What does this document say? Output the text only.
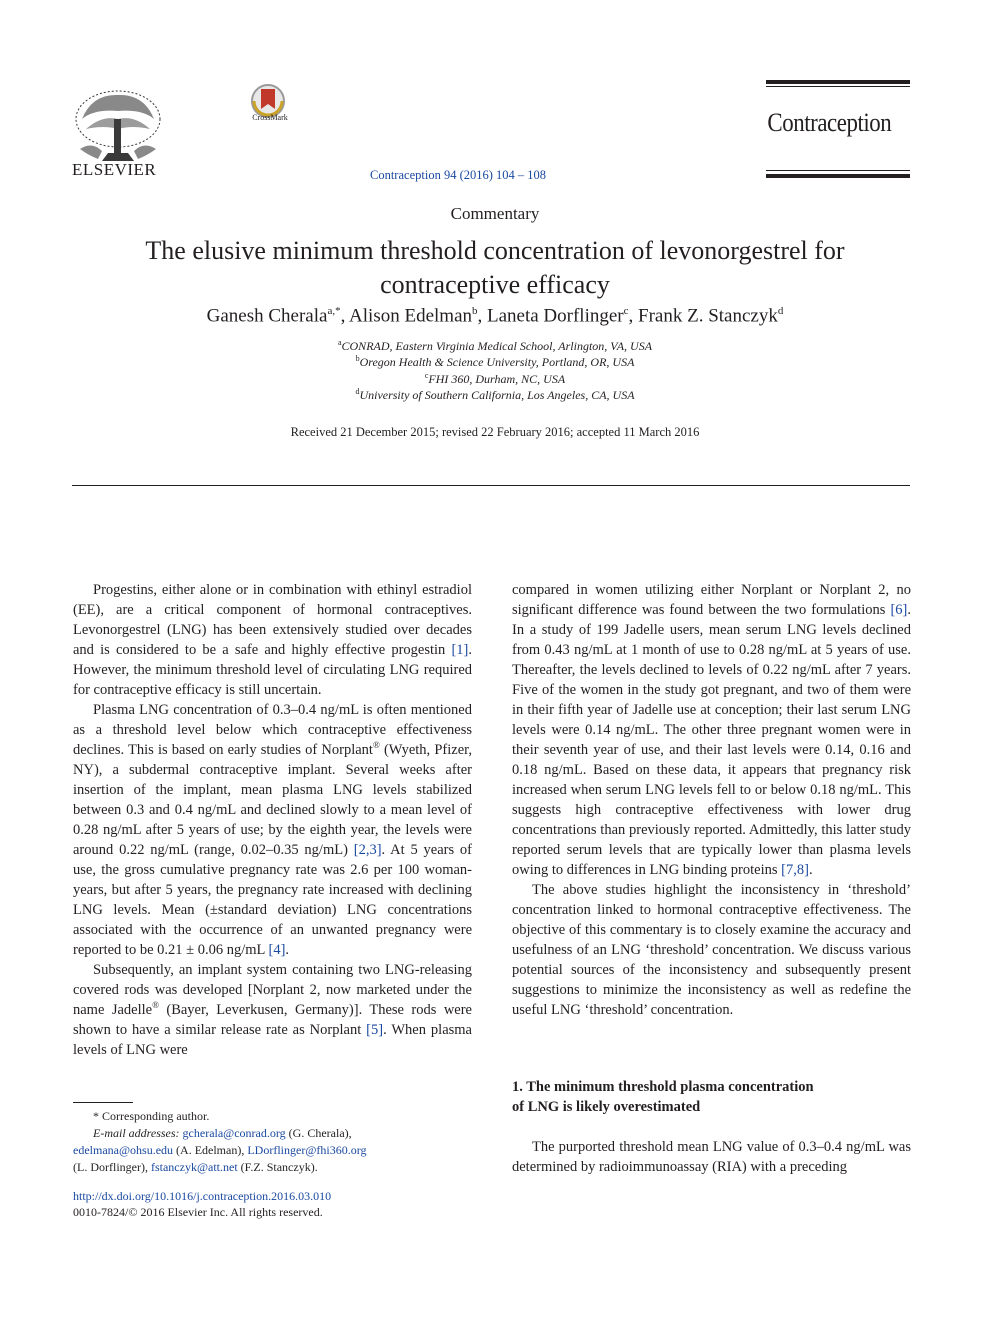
ELSEVIER
CrossMark
Contraception 94 (2016) 104 – 108
Contraception
Commentary
The elusive minimum threshold concentration of levonorgestrel for contraceptive efficacy
Ganesh Cherala$^{a,*}$, Alison Edelman$^b$, Laneta Dorflinger$^c$, Frank Z. Stanczyk$^d$
$^a$CONRAD, Eastern Virginia Medical School, Arlington, VA, USA
$^b$Oregon Health & Science University, Portland, OR, USA
$^c$FHI 360, Durham, NC, USA
$^d$University of Southern California, Los Angeles, CA, USA
Received 21 December 2015; revised 22 February 2016; accepted 11 March 2016

Progestins, either alone or in combination with ethinyl estradiol (EE), are a critical component of hormonal contraceptives. Levonorgestrel (LNG) has been extensively studied over decades and is considered to be a safe and highly effective progestin [1]. However, the minimum threshold level of circulating LNG required for contraceptive efficacy is still uncertain.

Plasma LNG concentration of 0.3–0.4 ng/mL is often mentioned as a threshold level below which contraceptive effectiveness declines. This is based on early studies of Norplant® (Wyeth, Pfizer, NY), a subdermal contraceptive implant. Several weeks after insertion of the implant, mean plasma LNG levels stabilized between 0.3 and 0.4 ng/mL and declined slowly to a mean level of 0.28 ng/mL after 5 years of use; by the eighth year, the levels were around 0.22 ng/mL (range, 0.02–0.35 ng/mL) [2,3]. At 5 years of use, the gross cumulative pregnancy rate was 2.6 per 100 woman-years, but after 5 years, the pregnancy rate increased with declining LNG levels. Mean (±standard deviation) LNG concentrations associated with the occurrence of an unwanted pregnancy were reported to be 0.21 ± 0.06 ng/mL [4].

Subsequently, an implant system containing two LNG-releasing covered rods was developed [Norplant 2, now marketed under the name Jadelle® (Bayer, Leverkusen, Germany)]. These rods were shown to have a similar release rate as Norplant [5]. When plasma levels of LNG were

compared in women utilizing either Norplant or Norplant 2, no significant difference was found between the two formulations [6]. In a study of 199 Jadelle users, mean serum LNG levels declined from 0.43 ng/mL at 1 month of use to 0.28 ng/mL at 5 years of use. Thereafter, the levels declined to levels of 0.22 ng/mL after 7 years. Five of the women in the study got pregnant, and two of them were in their fifth year of Jadelle use at conception; their last serum LNG levels were 0.14 ng/mL. The other three pregnant women were in their seventh year of use, and their last levels were 0.14, 0.16 and 0.18 ng/mL. Based on these data, it appears that pregnancy risk increased when serum LNG levels fell to or below 0.18 ng/mL. This suggests high contraceptive effectiveness with lower drug concentrations than previously reported. Admittedly, this latter study reported serum levels that are typically lower than plasma levels owing to differences in LNG binding proteins [7,8].

The above studies highlight the inconsistency in ‘threshold’ concentration linked to hormonal contraceptive effectiveness. The objective of this commentary is to closely examine the accuracy and usefulness of an LNG ‘threshold’ concentration. We discuss various potential sources of the inconsistency and subsequently present suggestions to minimize the inconsistency as well as redefine the useful LNG ‘threshold’ concentration.

1. The minimum threshold plasma concentration
of LNG is likely overestimated

The purported threshold mean LNG value of 0.3–0.4 ng/mL was determined by radioimmunoassay (RIA) with a preceding

* Corresponding author.
E-mail addresses: gcherala@conrad.org (G. Cherala),
edelmana@ohsu.edu (A. Edelman), LDorflinger@fhi360.org
(L. Dorflinger), fstanczyk@att.net (F.Z. Stanczyk).
http://dx.doi.org/10.1016/j.contraception.2016.03.010
0010-7824/© 2016 Elsevier Inc. All rights reserved.
